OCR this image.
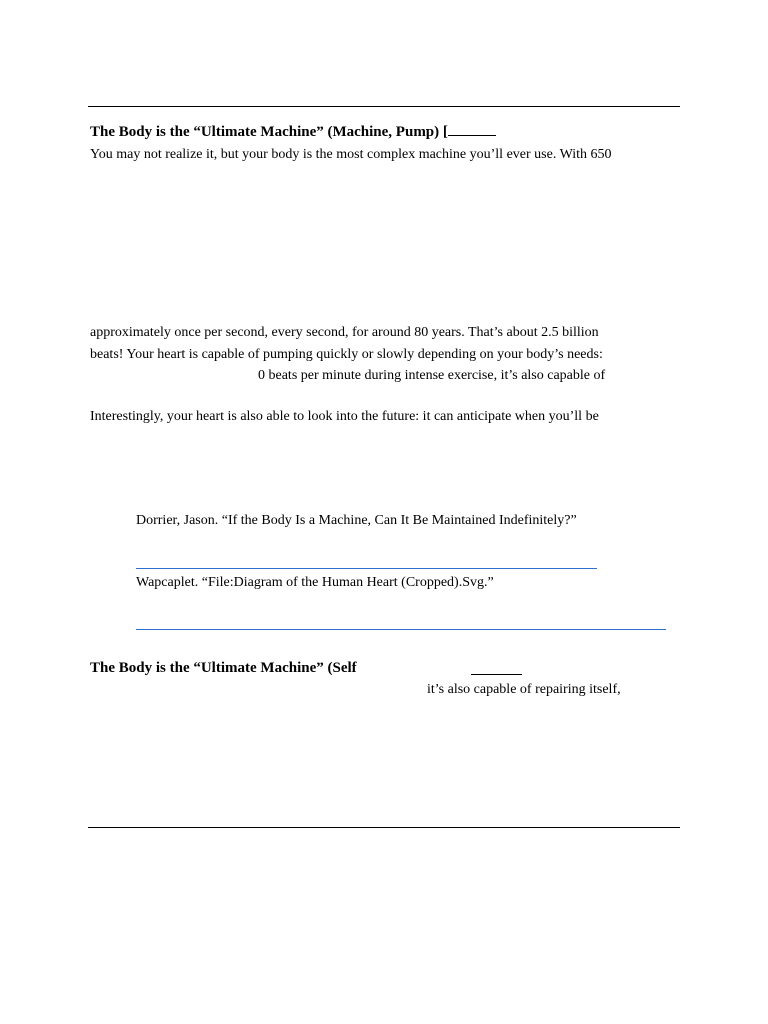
The Body is the “Ultimate Machine” (Machine, Pump) [
You may not realize it, but your body is the most complex machine you’ll ever use. With 650
approximately once per second, every second, for around 80 years. That’s about 2.5 billion
beats! Your heart is capable of pumping quickly or slowly depending on your body’s needs:
0 beats per minute during intense exercise, it’s also capable of
Interestingly, your heart is also able to look into the future: it can anticipate when you’ll be
Dorrier, Jason. “If the Body Is a Machine, Can It Be Maintained Indefinitely?”
Wapcaplet. “File:Diagram of the Human Heart (Cropped).Svg.”
The Body is the “Ultimate Machine” (Self
it’s also capable of repairing itself,
